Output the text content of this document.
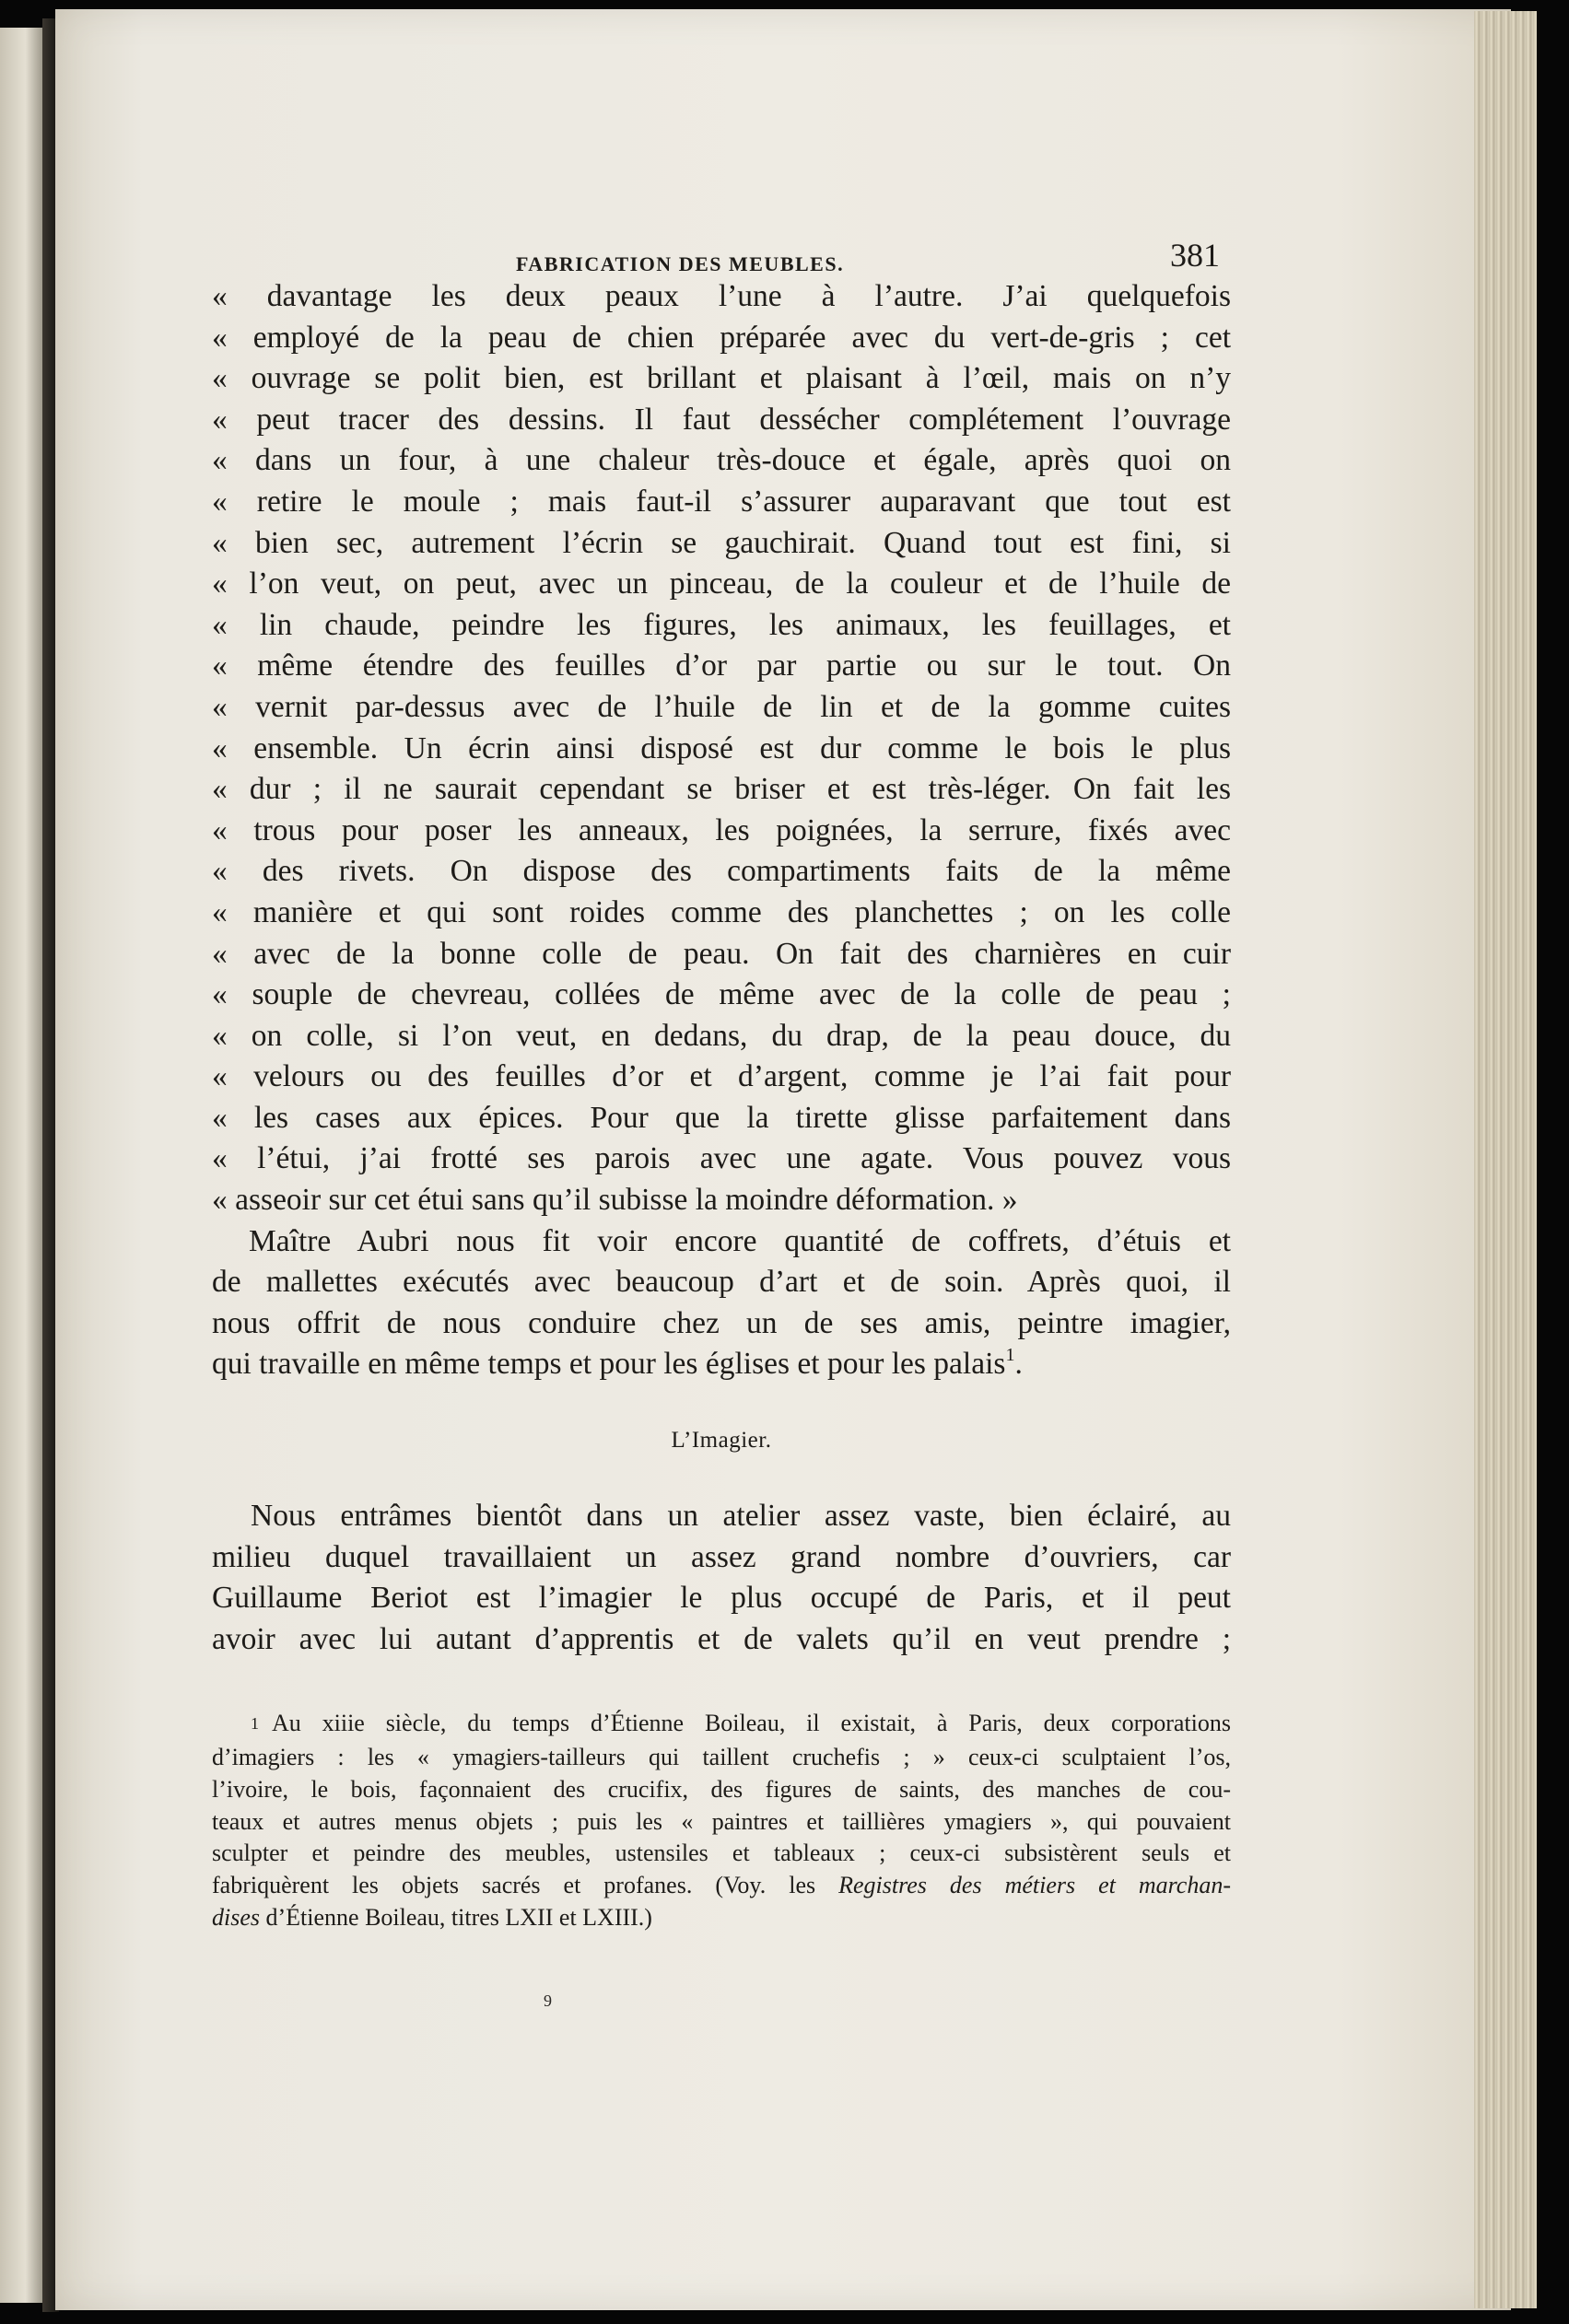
FABRICATION DES MEUBLES.	381
« davantage les deux peaux l’une à l’autre. J’ai quelquefois
« employé de la peau de chien préparée avec du vert-de-gris ; cet
« ouvrage se polit bien, est brillant et plaisant à l’œil, mais on n’y
« peut tracer des dessins. Il faut dessécher complétement l’ouvrage
« dans un four, à une chaleur très-douce et égale, après quoi on
« retire le moule ; mais faut-il s’assurer auparavant que tout est
« bien sec, autrement l’écrin se gauchirait. Quand tout est fini, si
« l’on veut, on peut, avec un pinceau, de la couleur et de l’huile de
« lin chaude, peindre les figures, les animaux, les feuillages, et
« même étendre des feuilles d’or par partie ou sur le tout. On
« vernit par-dessus avec de l’huile de lin et de la gomme cuites
« ensemble. Un écrin ainsi disposé est dur comme le bois le plus
« dur ; il ne saurait cependant se briser et est très-léger. On fait les
« trous pour poser les anneaux, les poignées, la serrure, fixés avec
« des rivets. On dispose des compartiments faits de la même
« manière et qui sont roides comme des planchettes ; on les colle
« avec de la bonne colle de peau. On fait des charnières en cuir
« souple de chevreau, collées de même avec de la colle de peau ;
« on colle, si l’on veut, en dedans, du drap, de la peau douce, du
« velours ou des feuilles d’or et d’argent, comme je l’ai fait pour
« les cases aux épices. Pour que la tirette glisse parfaitement dans
« l’étui, j’ai frotté ses parois avec une agate. Vous pouvez vous
« asseoir sur cet étui sans qu’il subisse la moindre déformation. »
Maître Aubri nous fit voir encore quantité de coffrets, d’étuis et
de mallettes exécutés avec beaucoup d’art et de soin. Après quoi, il
nous offrit de nous conduire chez un de ses amis, peintre imagier,
qui travaille en même temps et pour les églises et pour les palais$^1$.
L’Imagier.
Nous entrâmes bientôt dans un atelier assez vaste, bien éclairé, au
milieu duquel travaillaient un assez grand nombre d’ouvriers, car
Guillaume Beriot est l’imagier le plus occupé de Paris, et il peut
avoir avec lui autant d’apprentis et de valets qu’il en veut prendre ;
1 Au xiiie siècle, du temps d’Étienne Boileau, il existait, à Paris, deux corporations
d’imagiers : les « ymagiers-tailleurs qui taillent cruchefis ; » ceux-ci sculptaient l’os,
l’ivoire, le bois, façonnaient des crucifix, des figures de saints, des manches de cou-
teaux et autres menus objets ; puis les « paintres et taillières ymagiers », qui pouvaient
sculpter et peindre des meubles, ustensiles et tableaux ; ceux-ci subsistèrent seuls et
fabriquèrent les objets sacrés et profanes. (Voy. les Registres des métiers et marchan-
dises d’Étienne Boileau, titres LXII et LXIII.)
9
